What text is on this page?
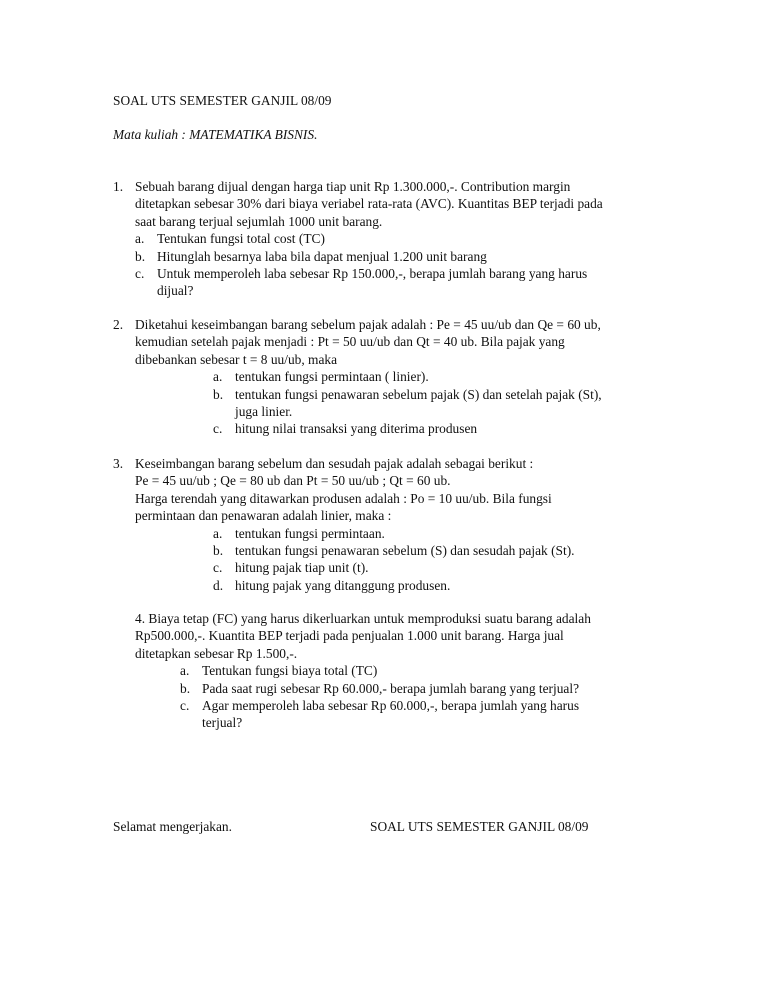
SOAL UTS SEMESTER GANJIL 08/09
Mata kuliah : MATEMATIKA BISNIS.
1. Sebuah barang dijual dengan harga tiap unit Rp 1.300.000,-. Contribution margin
ditetapkan sebesar 30% dari biaya veriabel rata-rata (AVC). Kuantitas BEP terjadi pada
saat barang terjual sejumlah 1000 unit barang.
a. Tentukan fungsi total cost (TC)
b. Hitunglah besarnya laba bila dapat menjual 1.200 unit barang
c. Untuk memperoleh laba sebesar Rp 150.000,-, berapa jumlah barang yang harus
dijual?
2. Diketahui keseimbangan barang sebelum pajak adalah : Pe = 45 uu/ub dan Qe = 60 ub,
kemudian setelah pajak menjadi : Pt = 50 uu/ub dan Qt = 40 ub. Bila pajak yang
dibebankan sebesar t = 8 uu/ub, maka
a. tentukan fungsi permintaan ( linier).
b. tentukan fungsi penawaran sebelum pajak (S) dan setelah pajak (St),
juga linier.
c. hitung nilai transaksi yang diterima produsen
3. Keseimbangan barang sebelum dan sesudah pajak adalah sebagai berikut :
Pe = 45 uu/ub ; Qe = 80 ub dan Pt = 50 uu/ub ; Qt = 60 ub.
Harga terendah yang ditawarkan produsen adalah : Po = 10 uu/ub. Bila fungsi
permintaan dan penawaran adalah linier, maka :
a. tentukan fungsi permintaan.
b. tentukan fungsi penawaran sebelum (S) dan sesudah pajak (St).
c. hitung pajak tiap unit (t).
d. hitung pajak yang ditanggung produsen.
4. Biaya tetap (FC) yang harus dikerluarkan untuk memproduksi suatu barang adalah
Rp500.000,-. Kuantita BEP terjadi pada penjualan 1.000 unit barang. Harga jual
ditetapkan sebesar Rp 1.500,-.
a. Tentukan fungsi biaya total (TC)
b. Pada saat rugi sebesar Rp 60.000,- berapa jumlah barang yang terjual?
c. Agar memperoleh laba sebesar Rp 60.000,-, berapa jumlah yang harus
terjual?
Selamat mengerjakan.	SOAL UTS SEMESTER GANJIL 08/09
